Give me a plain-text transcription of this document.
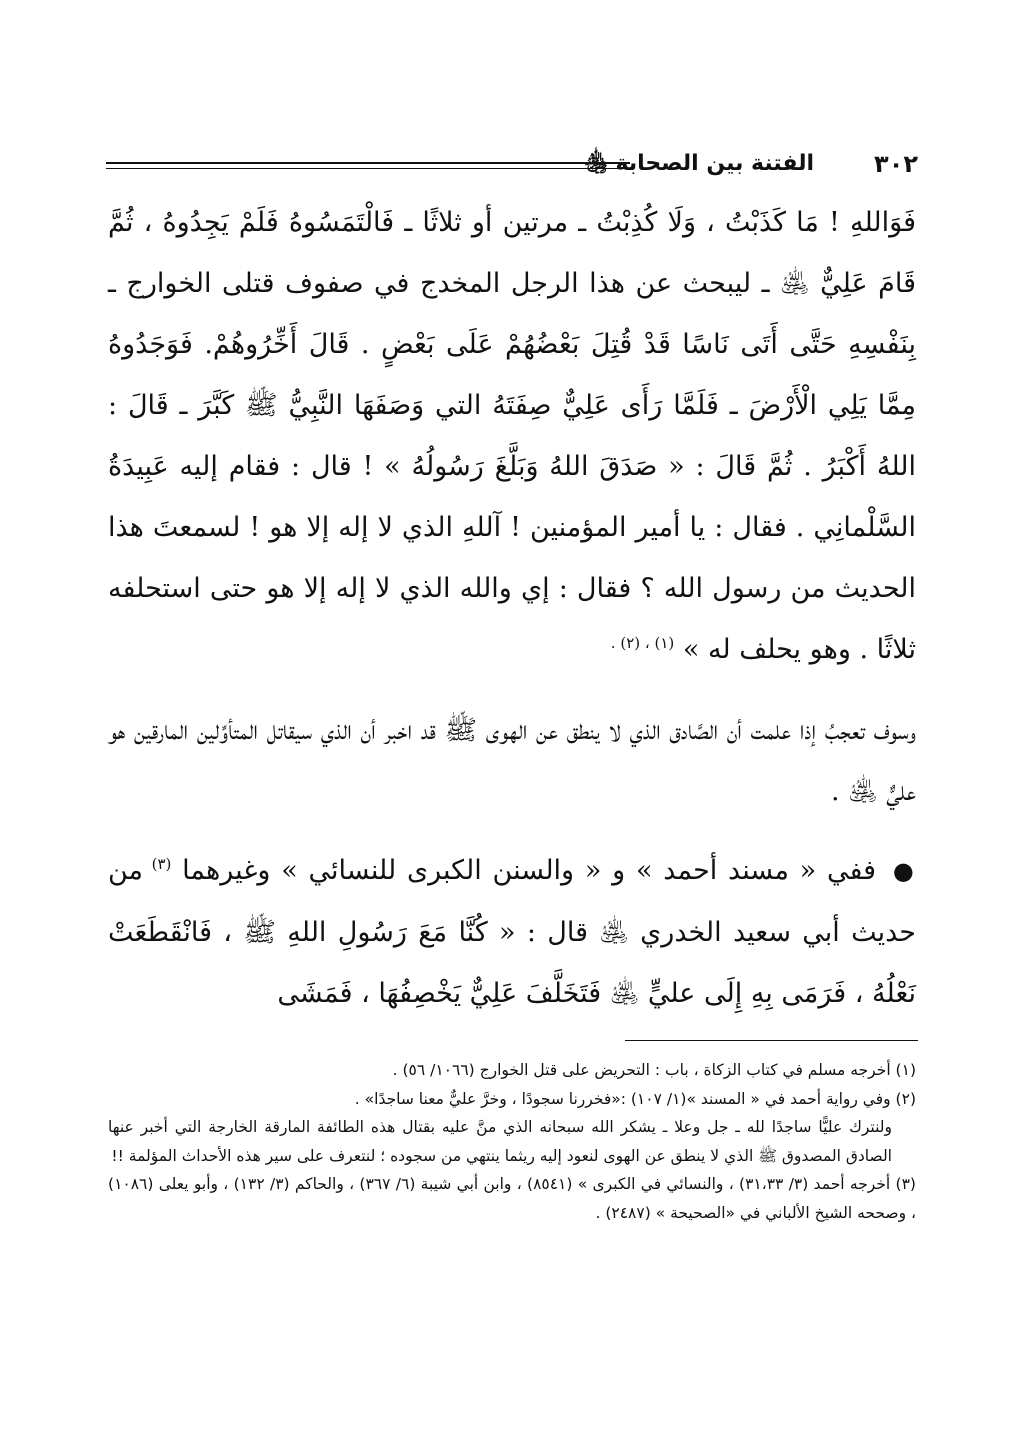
٣٠٢
الفتنة بين الصحابة ﵃

فَوَاللهِ ! مَا كَذَبْتُ ، وَلَا كُذِبْتُ ـ مرتين أو ثلاثًا ـ فَالْتَمَسُوهُ فَلَمْ يَجِدُوهُ ، ثُمَّ قَامَ عَلِيٌّ ﵁ ـ ليبحث عن هذا الرجل المخدج في صفوف قتلى الخوارج ـ بِنَفْسِهِ حَتَّى أَتَى نَاسًا قَدْ قُتِلَ بَعْضُهُمْ عَلَى بَعْضٍ . قَالَ أَخِّرُوهُمْ. فَوَجَدُوهُ مِمَّا يَلِي الْأَرْضَ ـ فَلَمَّا رَأَى عَلِيٌّ صِفَتَهُ التي وَصَفَهَا النَّبِيُّ ﷺ كَبَّرَ ـ قَالَ : اللهُ أَكْبَرُ . ثُمَّ قَالَ : « صَدَقَ اللهُ وَبَلَّغَ رَسُولُهُ » ! قال : فقام إليه عَبِيدَةُ السَّلْمانِي . فقال : يا أمير المؤمنين ! آللهِ الذي لا إله إلا هو ! لسمعتَ هذا الحديث من رسول الله ؟ فقال : إي والله الذي لا إله إلا هو حتى استحلفه ثلاثًا . وهو يحلف له » $^{(١) ، (٢) .}$

وسوف تعجبُ إذا علمت أن الصَّادق الذي لا ينطق عن الهوى ﷺ قد اخبر أن الذي سيقاتل المتأوِّلين المارقين هو عليٌّ ﵁ .

● ففي « مسند أحمد » و « والسنن الكبرى للنسائي » وغيرهما $^{(٣)}$ من حديث أبي سعيد الخدري ﵁ قال : « كُنَّا مَعَ رَسُولِ اللهِ ﷺ ، فَانْقَطَعَتْ نَعْلُهُ ، فَرَمَى بِهِ إِلَى عليٍّ ﵁ فَتَخَلَّفَ عَلِيٌّ يَخْصِفُهَا ، فَمَشَى

(١) أخرجه مسلم في كتاب الزكاة ، باب : التحريض على قتل الخوارج (١٠٦٦/ ٥٦) .

(٢) وفي رواية أحمد في « المسند »(١/ ١٠٧) :«فخررنا سجودًا ، وخرَّ عليٌّ معنا ساجدًا» .

ولنترك عليًّا ساجدًا لله ـ جل وعلا ـ يشكر الله سبحانه الذي منَّ عليه بقتال هذه الطائفة المارقة الخارجة التي أخبر عنها الصادق المصدوق ﷺ الذي لا ينطق عن الهوى لنعود إليه ريثما ينتهي من سجوده ؛ لنتعرف على سير هذه الأحداث المؤلمة !!

(٣) أخرجه أحمد (٣/ ٣١،٣٣) ، والنسائي في الكبرى » (٨٥٤١) ، وابن أبي شيبة (٦/ ٣٦٧) ، والحاكم (٣/ ١٣٢) ، وأبو يعلى (١٠٨٦) ، وصححه الشيخ الألباني في «الصحيحة » (٢٤٨٧) .
